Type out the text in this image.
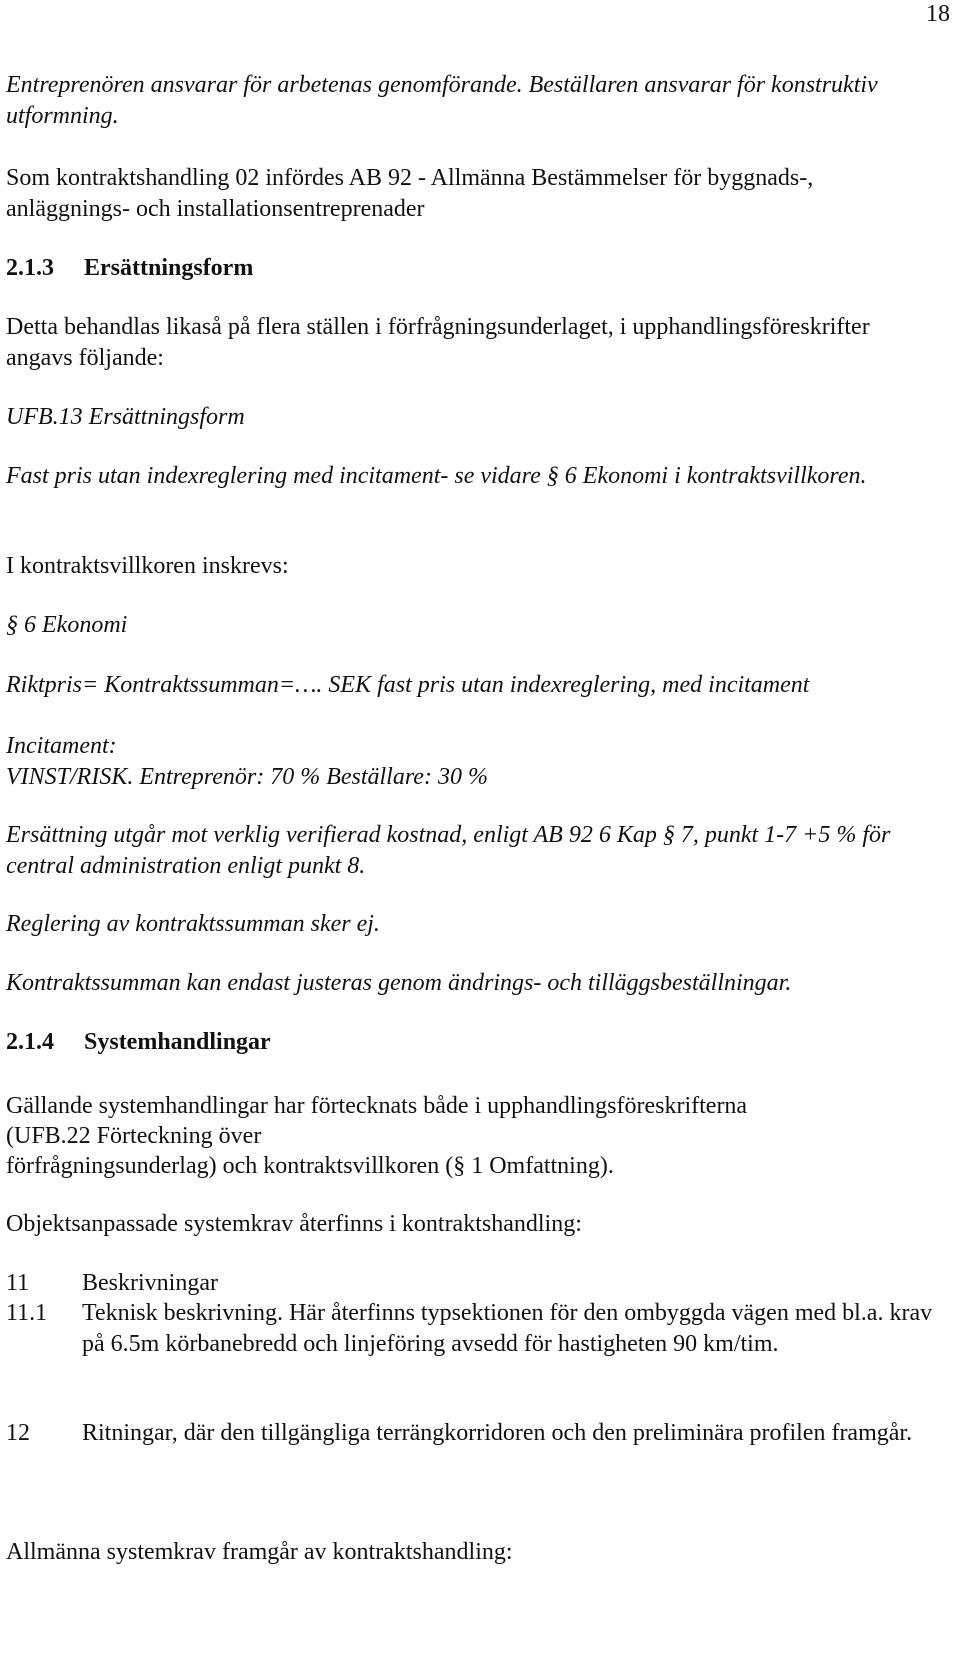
18

Entreprenören ansvarar för arbetenas genomförande. Beställaren ansvarar för konstruktiv utformning.

Som kontraktshandling 02 infördes AB 92 - Allmänna Bestämmelser för byggnads-, anläggnings- och installationsentreprenader

2.1.3 Ersättningsform

Detta behandlas likaså på flera ställen i förfrågningsunderlaget, i upphandlingsföreskrifter angavs följande:

UFB.13 Ersättningsform

Fast pris utan indexreglering med incitament- se vidare § 6 Ekonomi i kontraktsvillkoren.

I kontraktsvillkoren inskrevs:

§ 6 Ekonomi

Riktpris= Kontraktssumman=…. SEK fast pris utan indexreglering, med incitament

Incitament:

VINST/RISK. Entreprenör: 70 % Beställare: 30 %

Ersättning utgår mot verklig verifierad kostnad, enligt AB 92 6 Kap § 7, punkt 1-7 +5 % för central administration enligt punkt 8.

Reglering av kontraktssumman sker ej.

Kontraktssumman kan endast justeras genom ändrings- och tilläggsbeställningar.

2.1.4 Systemhandlingar

Gällande systemhandlingar har förtecknats både i upphandlingsföreskrifterna

(UFB.22 Förteckning över

förfrågningsunderlag) och kontraktsvillkoren (§ 1 Omfattning).

Objektsanpassade systemkrav återfinns i kontraktshandling:

11	Beskrivningar
11.1	Teknisk beskrivning. Här återfinns typsektionen för den ombyggda vägen med bl.a. krav på 6.5m körbanebredd och linjeföring avsedd för hastigheten 90 km/tim.
12	Ritningar, där den tillgängliga terrängkorridoren och den preliminära profilen framgår.

Allmänna systemkrav framgår av kontraktshandling:
